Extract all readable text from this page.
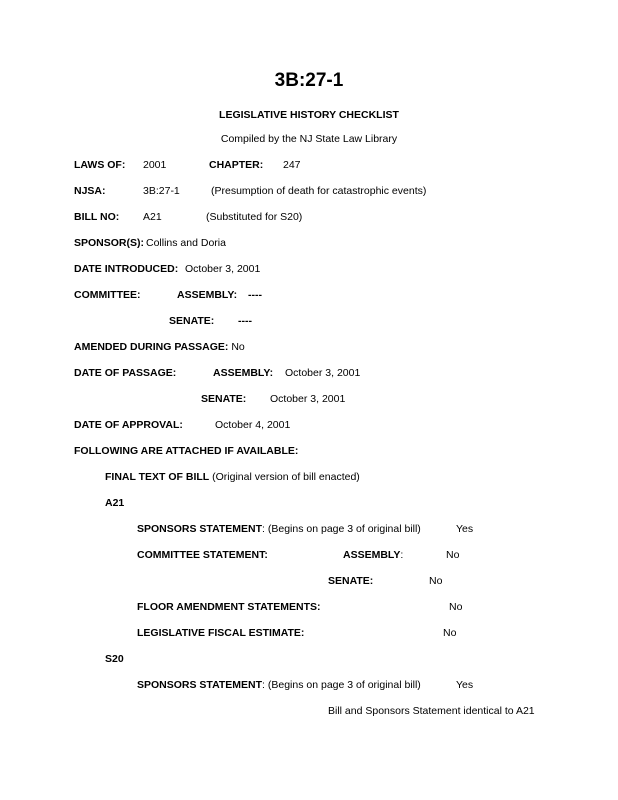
3B:27-1
LEGISLATIVE HISTORY CHECKLIST
Compiled by the NJ State Law Library
LAWS OF: 2001	CHAPTER: 247
NJSA:	3B:27-1	(Presumption of death for catastrophic events)
BILL NO: A21	(Substituted for S20)
SPONSOR(S): Collins and Doria
DATE INTRODUCED: October 3, 2001
COMMITTEE:	ASSEMBLY: ----
SENATE: ----
AMENDED DURING PASSAGE: No
DATE OF PASSAGE:	ASSEMBLY: October 3, 2001
SENATE: October 3, 2001
DATE OF APPROVAL:	October 4, 2001
FOLLOWING ARE ATTACHED IF AVAILABLE:
FINAL TEXT OF BILL (Original version of bill enacted)
A21
SPONSORS STATEMENT: (Begins on page 3 of original bill)	Yes
COMMITTEE STATEMENT:	ASSEMBLY:	No
SENATE:	No
FLOOR AMENDMENT STATEMENTS:	No
LEGISLATIVE FISCAL ESTIMATE:	No
S20
SPONSORS STATEMENT: (Begins on page 3 of original bill)	Yes
Bill and Sponsors Statement identical to A21
